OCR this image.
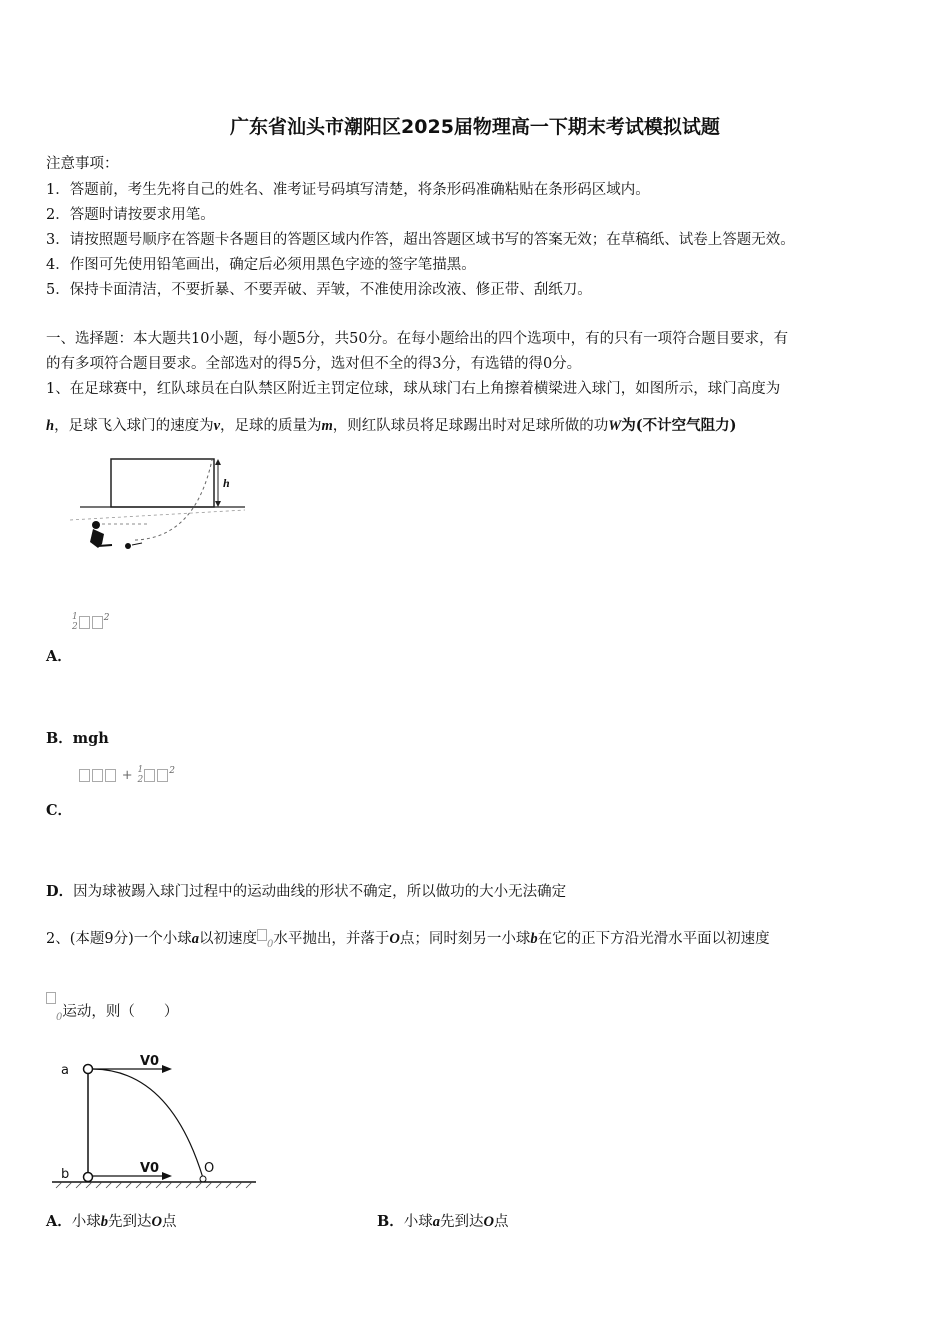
广东省汕头市潮阳区2025届物理高一下期末考试模拟试题
注意事项：
1．答题前，考生先将自己的姓名、准考证号码填写清楚，将条形码准确粘贴在条形码区域内。
2．答题时请按要求用笔。
3．请按照题号顺序在答题卡各题目的答题区域内作答，超出答题区域书写的答案无效；在草稿纸、试卷上答题无效。
4．作图可先使用铅笔画出，确定后必须用黑色字迹的签字笔描黑。
5．保持卡面清洁，不要折暴、不要弄破、弄皱，不准使用涂改液、修正带、刮纸刀。
一、选择题：本大题共10小题，每小题5分，共50分。在每小题给出的四个选项中，有的只有一项符合题目要求，有
的有多项符合题目要求。全部选对的得5分，选对但不全的得3分，有选错的得0分。
1、在足球赛中，红队球员在白队禁区附近主罚定位球，球从球门右上角擦着横梁进入球门，如图所示，球门高度为
h，足球飞入球门的速度为v，足球的质量为m，则红队球员将足球踢出时对足球所做的功W为(不计空气阻力)
h
1
2
$^2$
A．
B．mgh
+ 1
2
$^2$
C．
D．因为球被踢入球门过程中的运动曲线的形状不确定，所以做功的大小无法确定
2、(本题9分)一个小球a以初速度 $_0$水平抛出，并落于O点；同时刻另一小球b在它的正下方沿光滑水平面以初速度
$_0$运动，则（　　）
a
V0
b	V0	O
A．小球b先到达O点	B．小球a先到达O点
